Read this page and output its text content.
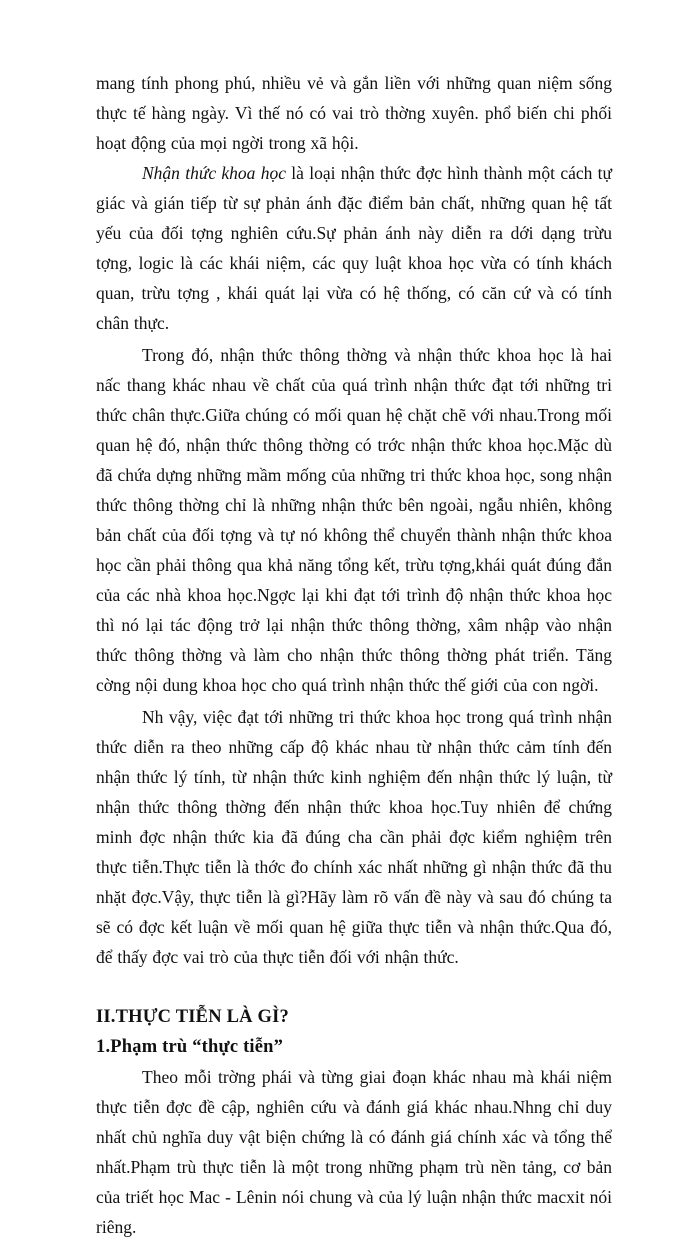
mang tính phong phú, nhiều vẻ và gắn liền với những quan niệm sống thực tế hàng ngày. Vì thế nó có vai trò thờng xuyên. phổ biến chi phối hoạt động của mọi ngời trong xã hội.

Nhận thức khoa học là loại nhận thức đợc hình thành một cách tự giác và gián tiếp từ sự phản ánh đặc điểm bản chất, những quan hệ tất yếu của đối tợng nghiên cứu.Sự phản ánh này diễn ra dới dạng trừu tợng, logic là các khái niệm, các quy luật khoa học vừa có tính khách quan, trừu tợng , khái quát lại vừa có hệ thống, có căn cứ và có tính chân thực.

Trong đó, nhận thức thông thờng và nhận thức khoa học là hai nấc thang khác nhau về chất của quá trình nhận thức đạt tới những tri thức chân thực.Giữa chúng có mối quan hệ chặt chẽ với nhau.Trong mối quan hệ đó, nhận thức thông thờng có trớc nhận thức khoa học.Mặc dù đã chứa dựng những mầm mống của những tri thức khoa học, song nhận thức thông thờng chỉ là những nhận thức bên ngoài, ngẫu nhiên, không bản chất của đối tợng và tự nó không thể chuyển thành nhận thức khoa học cần phải thông qua khả năng tổng kết, trừu tợng,khái quát đúng đắn của các nhà khoa học.Ngợc lại khi đạt tới trình độ nhận thức khoa học thì nó lại tác động trở lại nhận thức thông thờng, xâm nhập vào nhận thức thông thờng và làm cho nhận thức thông thờng phát triển. Tăng cờng nội dung khoa học cho quá trình nhận thức thế giới của con ngời.

Nh vậy, việc đạt tới những tri thức khoa học trong quá trình nhận thức diễn ra theo những cấp độ khác nhau từ nhận thức cảm tính đến nhận thức lý tính, từ nhận thức kinh nghiệm đến nhận thức lý luận, từ nhận thức thông thờng đến nhận thức khoa học.Tuy nhiên để chứng minh đợc nhận thức kia đã đúng cha cần phải đợc kiểm nghiệm trên thực tiễn.Thực tiễn là thớc đo chính xác nhất những gì nhận thức đã thu nhặt đợc.Vậy, thực tiễn là gì?Hãy làm rõ vấn đề này và sau đó chúng ta sẽ có đợc kết luận về mối quan hệ giữa thực tiễn và nhận thức.Qua đó, để thấy đợc vai trò của thực tiễn đối với nhận thức.

II.THỰC TIỄN LÀ GÌ?
1.Phạm trù “thực tiễn”

Theo mỗi trờng phái và từng giai đoạn khác nhau mà khái niệm thực tiễn đợc đề cập, nghiên cứu và đánh giá khác nhau.Nhng chỉ duy nhất chủ nghĩa duy vật biện chứng là có đánh giá chính xác và tổng thể nhất.Phạm trù thực tiễn là một trong những phạm trù nền tảng, cơ bản của triết học Mac - Lênin nói chung và của lý luận nhận thức macxit nói riêng.
